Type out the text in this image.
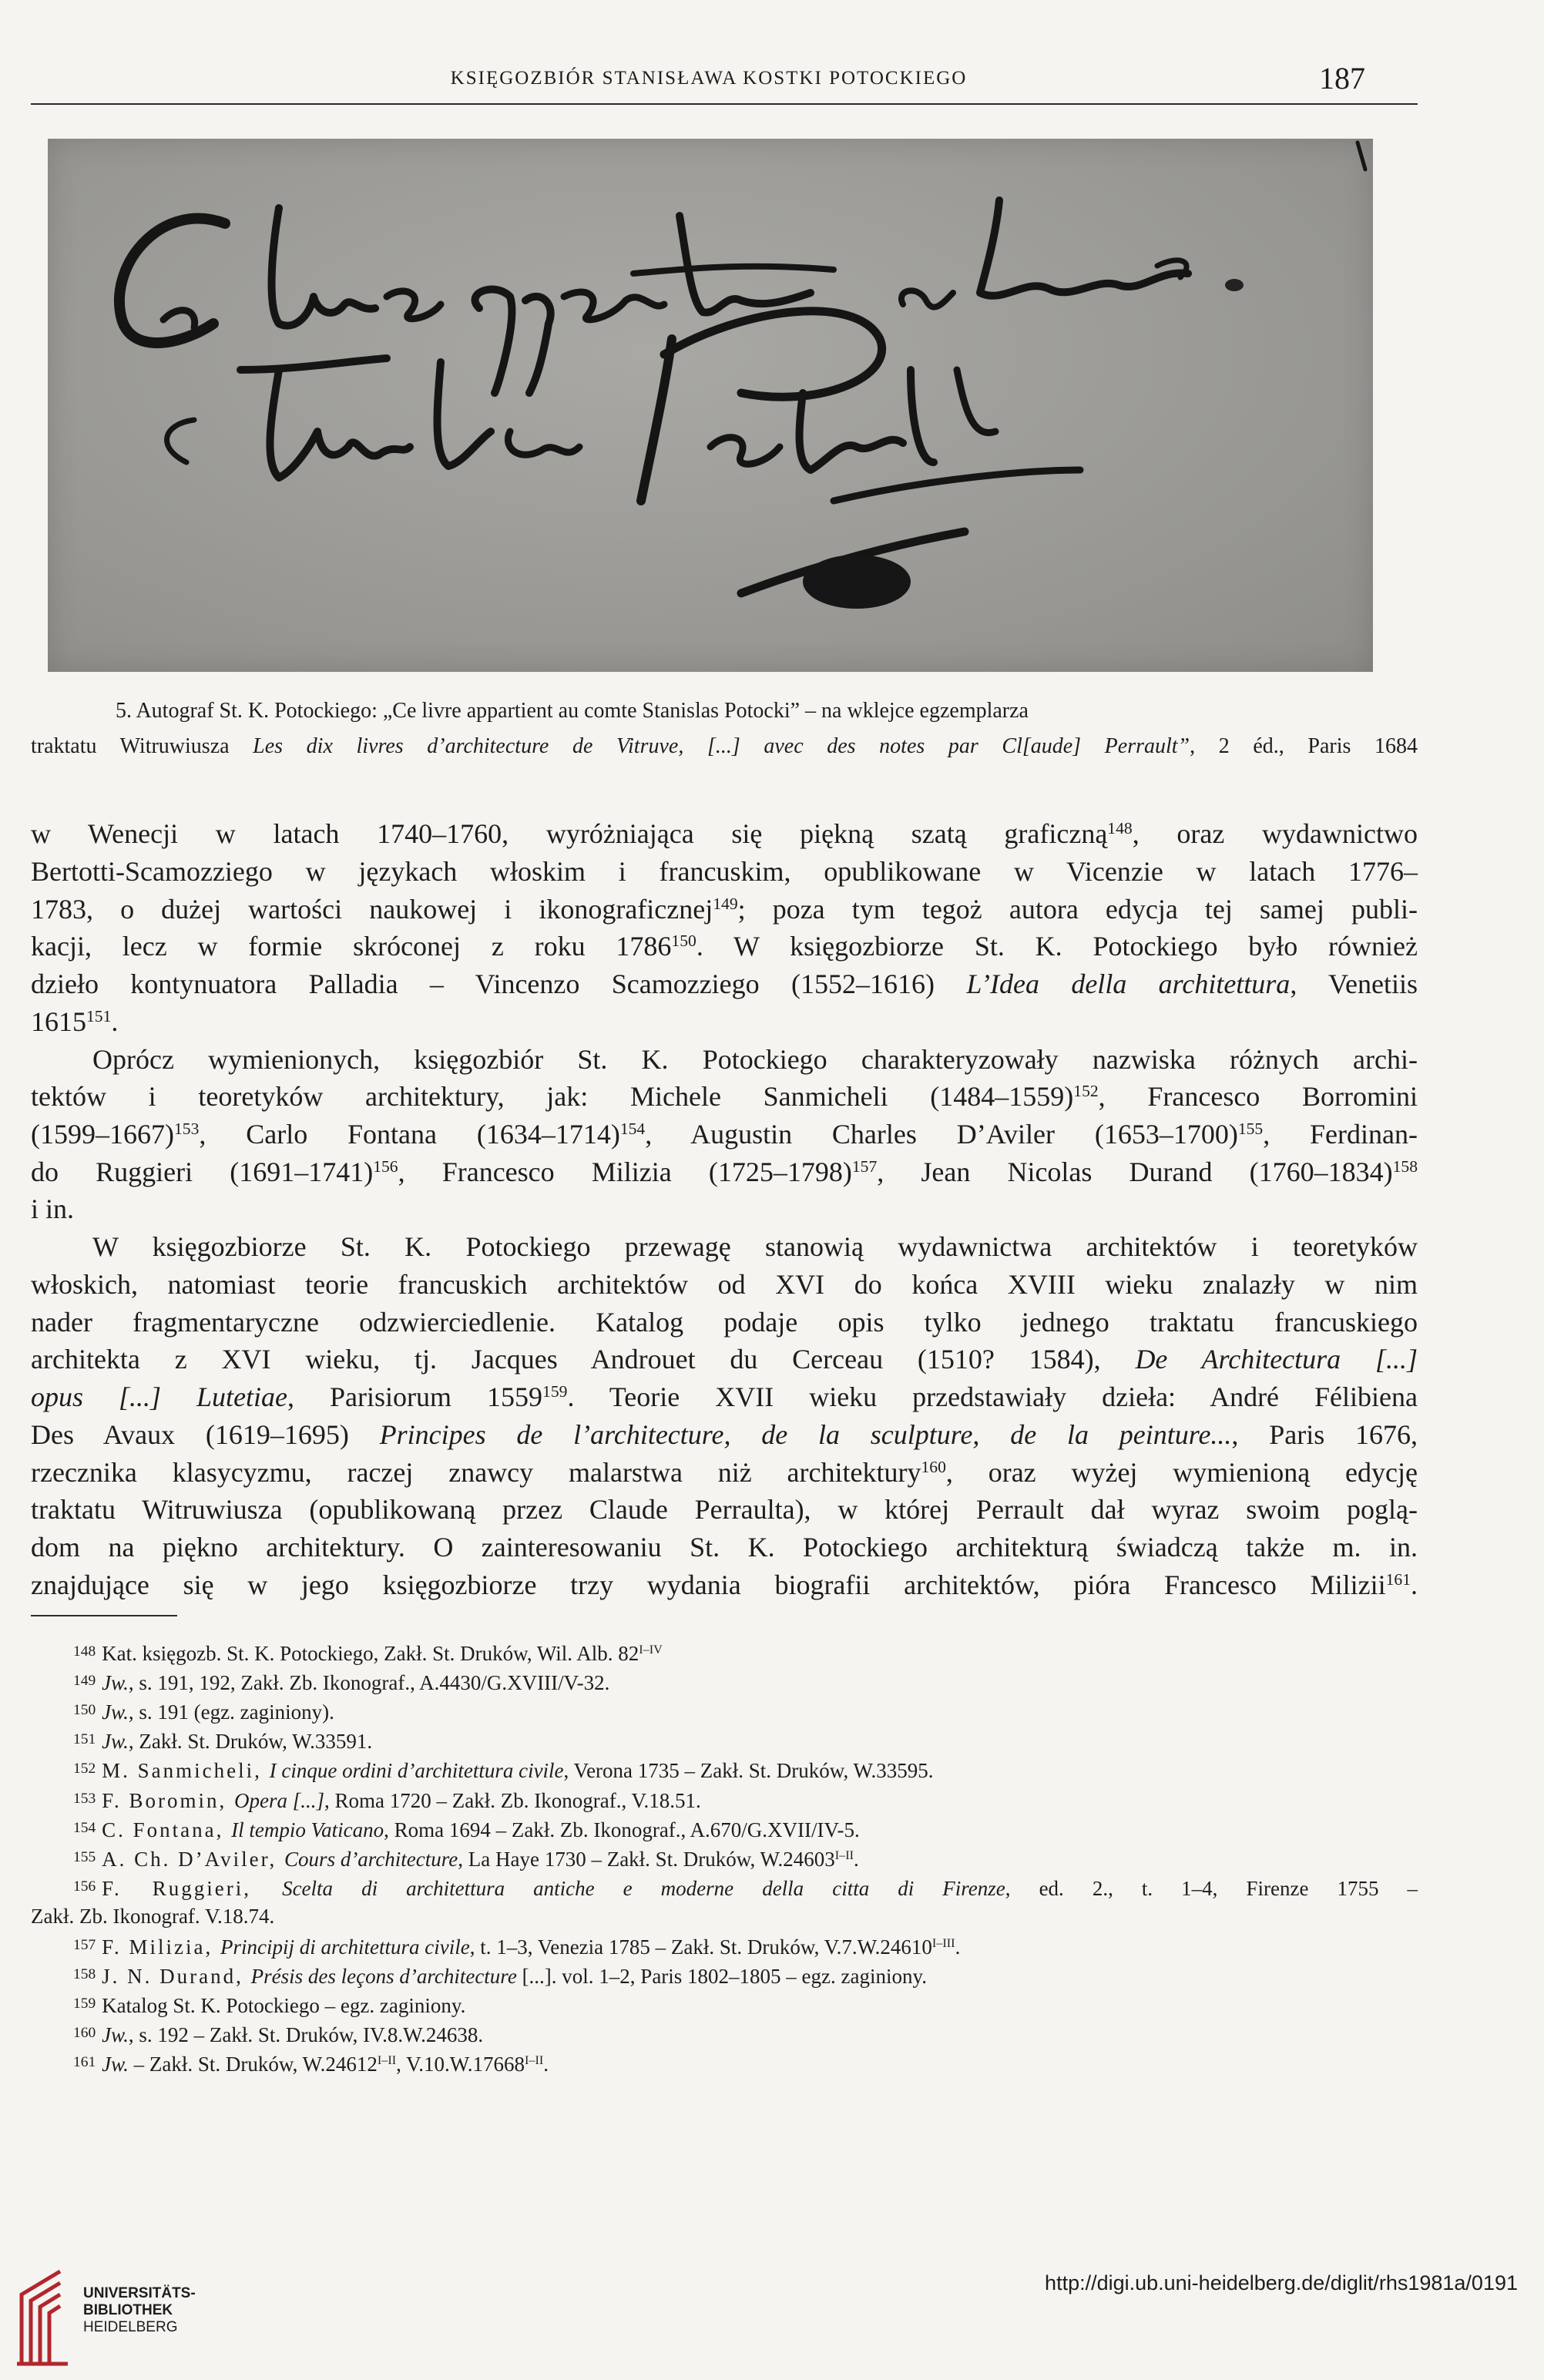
KSIĘGOZBIÓR STANISŁAWA KOSTKI POTOCKIEGO	187
5. Autograf St. K. Potockiego: „Ce livre appartient au comte Stanislas Potocki” – na wklejce egzemplarza
traktatu Witruwiusza Les dix livres d’architecture de Vitruve, [...] avec des notes par Cl[aude] Perrault”, 2 éd., Paris 1684
w Wenecji w latach 1740–1760, wyróżniająca się piękną szatą graficzną$^{148}$, oraz wydawnictwo
Bertotti-Scamozziego w językach włoskim i francuskim, opublikowane w Vicenzie w latach 1776–
1783, o dużej wartości naukowej i ikonograficznej$^{149}$; poza tym tegoż autora edycja tej samej publi-
kacji, lecz w formie skróconej z roku 1786$^{150}$. W księgozbiorze St. K. Potockiego było również
dzieło kontynuatora Palladia – Vincenzo Scamozziego (1552–1616) L’Idea della architettura, Venetiis
1615$^{151}$.
Oprócz wymienionych, księgozbiór St. K. Potockiego charakteryzowały nazwiska różnych archi-
tektów i teoretyków architektury, jak: Michele Sanmicheli (1484–1559)$^{152}$, Francesco Borromini
(1599–1667)$^{153}$, Carlo Fontana (1634–1714)$^{154}$, Augustin Charles D’Aviler (1653–1700)$^{155}$, Ferdinan-
do Ruggieri (1691–1741)$^{156}$, Francesco Milizia (1725–1798)$^{157}$, Jean Nicolas Durand (1760–1834)$^{158}$
i in.
W księgozbiorze St. K. Potockiego przewagę stanowią wydawnictwa architektów i teoretyków
włoskich, natomiast teorie francuskich architektów od XVI do końca XVIII wieku znalazły w nim
nader fragmentaryczne odzwierciedlenie. Katalog podaje opis tylko jednego traktatu francuskiego
architekta z XVI wieku, tj. Jacques Androuet du Cerceau (1510? 1584), De Architectura [...]
opus [...] Lutetiae, Parisiorum 1559$^{159}$. Teorie XVII wieku przedstawiały dzieła: André Félibiena
Des Avaux (1619–1695) Principes de l’architecture, de la sculpture, de la peinture..., Paris 1676,
rzecznika klasycyzmu, raczej znawcy malarstwa niż architektury$^{160}$, oraz wyżej wymienioną edycję
traktatu Witruwiusza (opublikowaną przez Claude Perraulta), w której Perrault dał wyraz swoim poglą-
dom na piękno architektury. O zainteresowaniu St. K. Potockiego architekturą świadczą także m. in.
znajdujące się w jego księgozbiorze trzy wydania biografii architektów, pióra Francesco Milizii$^{161}$.
$^{148}$ Kat. księgozb. St. K. Potockiego, Zakł. St. Druków, Wil. Alb. $82^{I-IV}$
$^{149}$ Jw., s. 191, 192, Zakł. Zb. Ikonograf., A.4430/G.XVIII/V-32.
$^{150}$ Jw., s. 191 (egz. zaginiony).
$^{151}$ Jw., Zakł. St. Druków, W.33591.
$^{152}$ M. Sanmicheli, I cinque ordini d’architettura civile, Verona 1735 – Zakł. St. Druków, W.33595.
$^{153}$ F. Boromin, Opera [...], Roma 1720 – Zakł. Zb. Ikonograf., V.18.51.
$^{154}$ C. Fontana, Il tempio Vaticano, Roma 1694 – Zakł. Zb. Ikonograf., A.670/G.XVII/IV-5.
$^{155}$ A. Ch. D’Aviler, Cours d’architecture, La Haye 1730 – Zakł. St. Druków, $W.24603^{I-II}$.
$^{156}$ F. Ruggieri, Scelta di architettura antiche e moderne della citta di Firenze, ed. 2., t. 1–4, Firenze 1755 –
Zakł. Zb. Ikonograf. V.18.74.
$^{157}$ F. Milizia, Principij di architettura civile, t. 1–3, Venezia 1785 – Zakł. St. Druków, $V.7.W.24610^{I-III}$.
$^{158}$ J. N. Durand, Présis des leçons d’architecture [...]. vol. 1–2, Paris 1802–1805 – egz. zaginiony.
$^{159}$ Katalog St. K. Potockiego – egz. zaginiony.
$^{160}$ Jw., s. 192 – Zakł. St. Druków, IV.8.W.24638.
$^{161}$ Jw. – Zakł. St. Druków, $W.24612^{I-II}$, $V.10.W.17668^{I-II}$.
UNIVERSITÄTS-
BIBLIOTHEK
HEIDELBERG
http://digi.ub.uni-heidelberg.de/diglit/rhs1981a/0191
